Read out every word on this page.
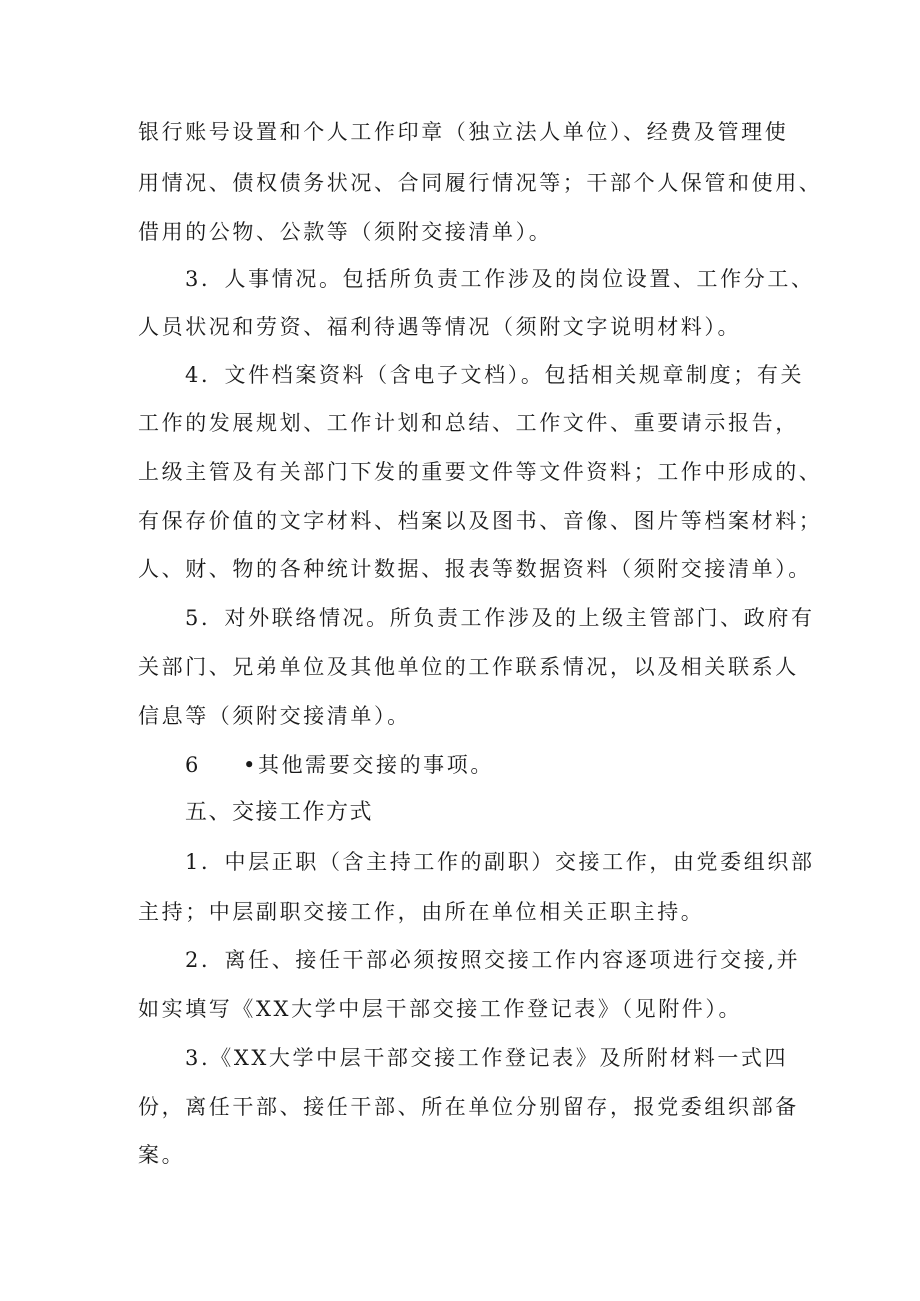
银行账号设置和个人工作印章（独立法人单位）、经费及管理使
用情况、债权债务状况、合同履行情况等；干部个人保管和使用、
借用的公物、公款等（须附交接清单）。
3．人事情况。包括所负责工作涉及的岗位设置、工作分工、
人员状况和劳资、福利待遇等情况（须附文字说明材料）。
4．文件档案资料（含电子文档）。包括相关规章制度；有关
工作的发展规划、工作计划和总结、工作文件、重要请示报告，
上级主管及有关部门下发的重要文件等文件资料；工作中形成的、
有保存价值的文字材料、档案以及图书、音像、图片等档案材料；
人、财、物的各种统计数据、报表等数据资料（须附交接清单）。
5．对外联络情况。所负责工作涉及的上级主管部门、政府有
关部门、兄弟单位及其他单位的工作联系情况，以及相关联系人
信息等（须附交接清单）。
6 •其他需要交接的事项。
五、交接工作方式
1．中层正职（含主持工作的副职）交接工作，由党委组织部
主持；中层副职交接工作，由所在单位相关正职主持。
2．离任、接任干部必须按照交接工作内容逐项进行交接,并
如实填写《XX大学中层干部交接工作登记表》（见附件）。
3.《XX大学中层干部交接工作登记表》及所附材料一式四
份，离任干部、接任干部、所在单位分别留存，报党委组织部备
案。
